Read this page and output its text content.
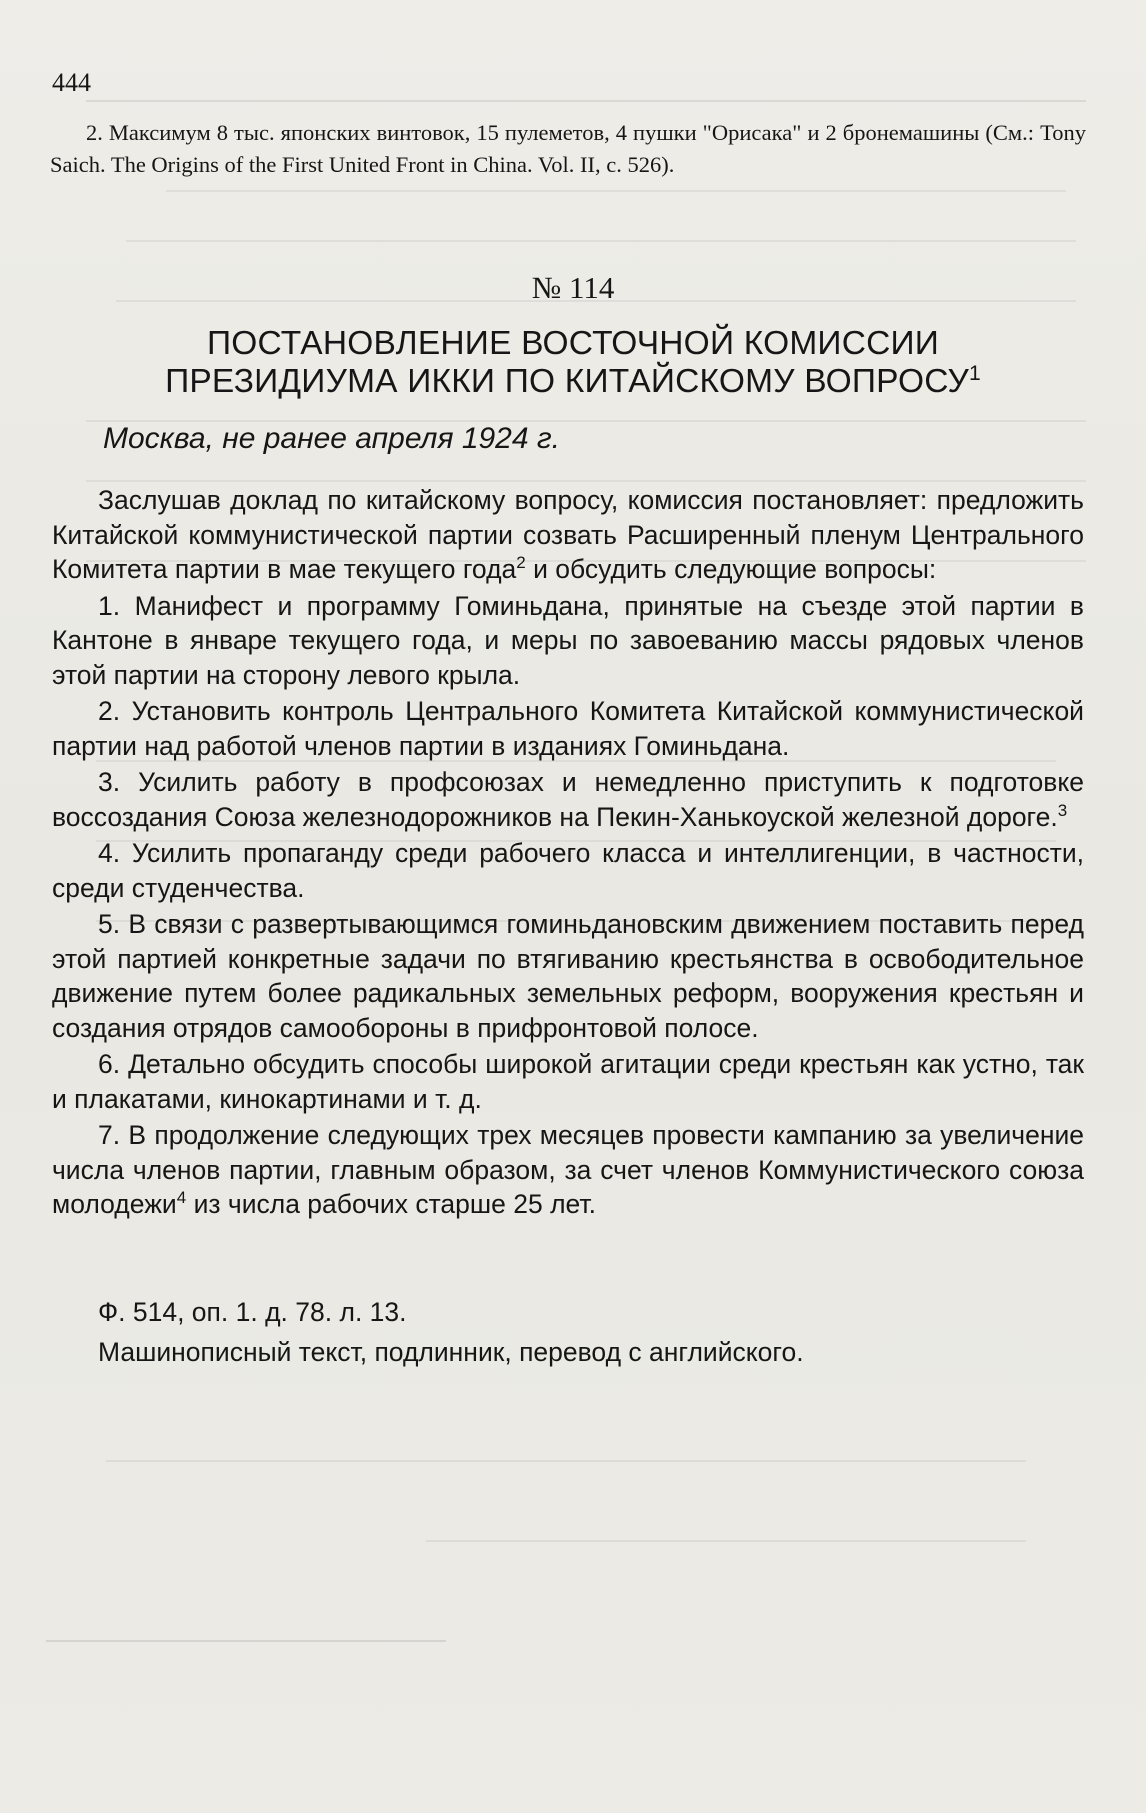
444
2. Максимум 8 тыс. японских винтовок, 15 пулеметов, 4 пушки "Орисака" и 2 бронемашины (См.: Tony Saich. The Origins of the First United Front in China. Vol. II, с. 526).
№ 114
ПОСТАНОВЛЕНИЕ ВОСТОЧНОЙ КОМИССИИ
ПРЕЗИДИУМА ИККИ ПО КИТАЙСКОМУ ВОПРОСУ$^1$
Москва, не ранее апреля 1924 г.

Заслушав доклад по китайскому вопросу, комиссия постановляет: предложить Китайской коммунистической партии созвать Расширенный пленум Центрального Комитета партии в мае текущего года$^2$ и обсудить следующие вопросы:

1. Манифест и программу Гоминьдана, принятые на съезде этой партии в Кантоне в январе текущего года, и меры по завоеванию массы рядовых членов этой партии на сторону левого крыла.

2. Установить контроль Центрального Комитета Китайской коммунистической партии над работой членов партии в изданиях Гоминьдана.

3. Усилить работу в профсоюзах и немедленно приступить к подготовке воссоздания Союза железнодорожников на Пекин-Ханькоуской железной дороге.$^3$

4. Усилить пропаганду среди рабочего класса и интеллигенции, в частности, среди студенчества.

5. В связи с развертывающимся гоминьдановским движением поставить перед этой партией конкретные задачи по втягиванию крестьянства в освободительное движение путем более радикальных земельных реформ, вооружения крестьян и создания отрядов самообороны в прифронтовой полосе.

6. Детально обсудить способы широкой агитации среди крестьян как устно, так и плакатами, кинокартинами и т. д.

7. В продолжение следующих трех месяцев провести кампанию за увеличение числа членов партии, главным образом, за счет членов Коммунистического союза молодежи$^4$ из числа рабочих старше 25 лет.

Ф. 514, оп. 1. д. 78. л. 13.
Машинописный текст, подлинник, перевод с английского.
